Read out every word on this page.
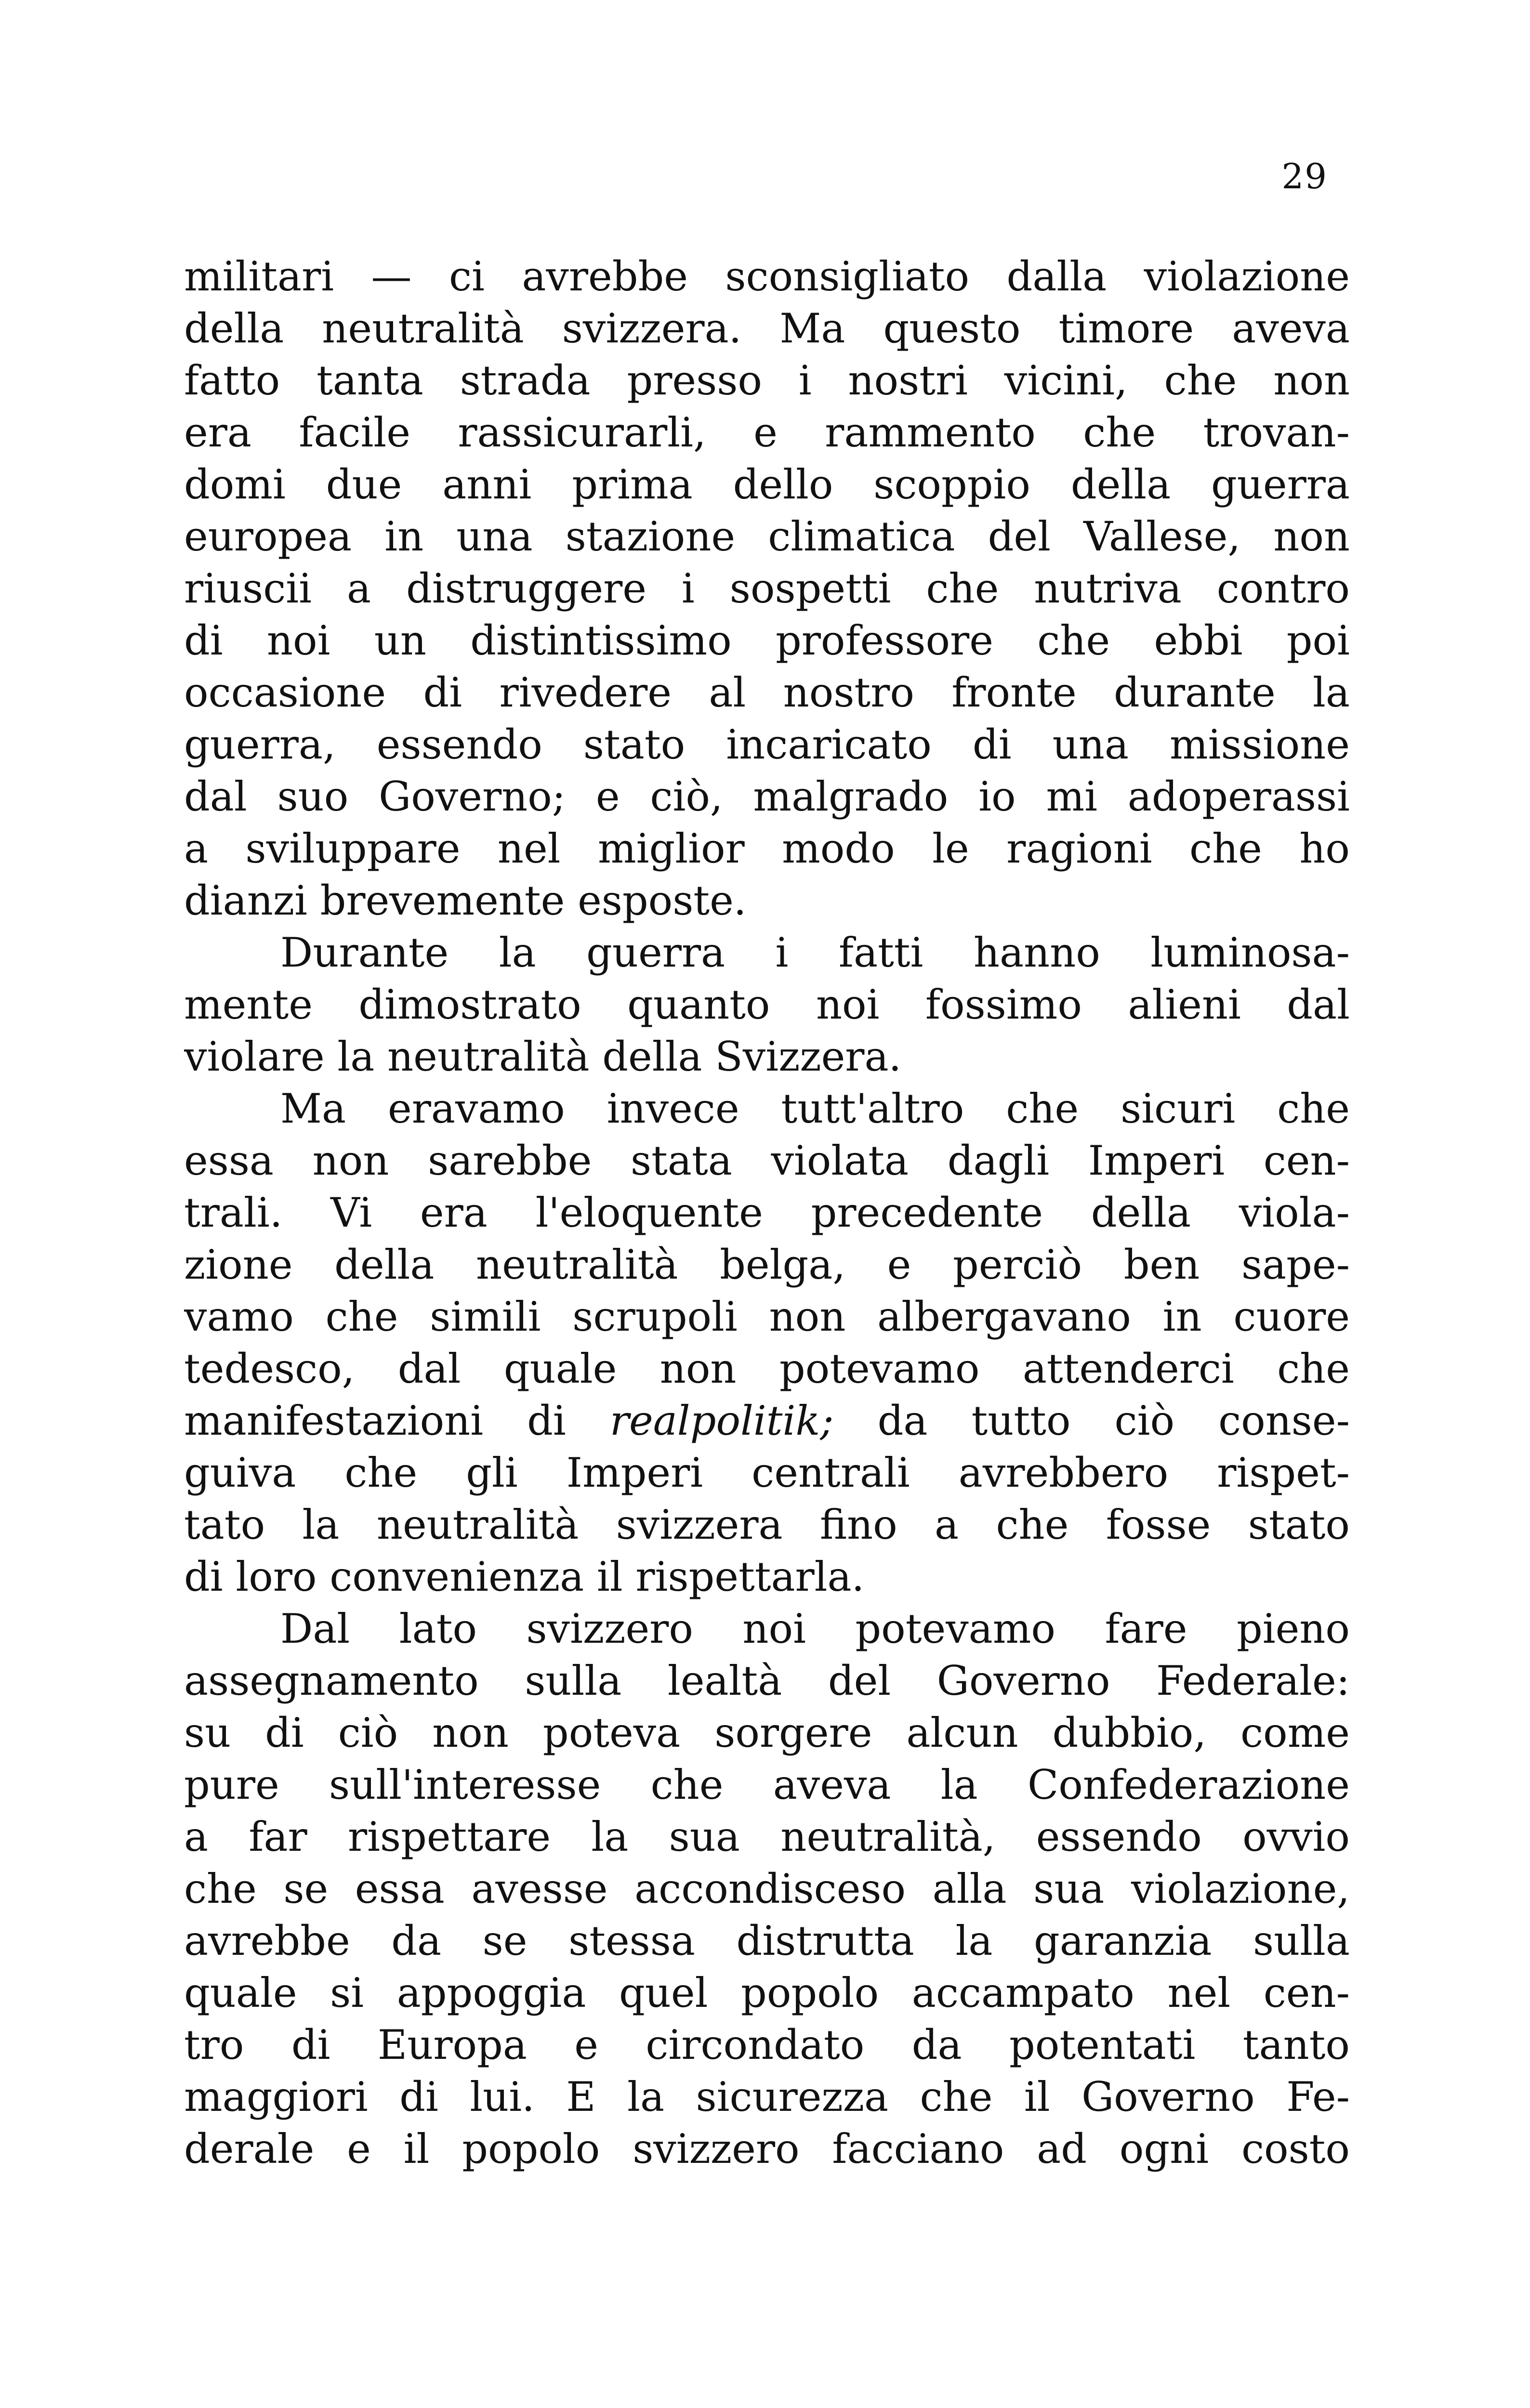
29
militari — ci avrebbe sconsigliato dalla violazione
della neutralità svizzera. Ma questo timore aveva
fatto tanta strada presso i nostri vicini, che non
era facile rassicurarli, e rammento che trovan-
domi due anni prima dello scoppio della guerra
europea in una stazione climatica del Vallese, non
riuscii a distruggere i sospetti che nutriva contro
di noi un distintissimo professore che ebbi poi
occasione di rivedere al nostro fronte durante la
guerra, essendo stato incaricato di una missione
dal suo Governo; e ciò, malgrado io mi adoperassi
a sviluppare nel miglior modo le ragioni che ho
dianzi brevemente esposte.
Durante la guerra i fatti hanno luminosa-
mente dimostrato quanto noi fossimo alieni dal
violare la neutralità della Svizzera.
Ma eravamo invece tutt'altro che sicuri che
essa non sarebbe stata violata dagli Imperi cen-
trali. Vi era l'eloquente precedente della viola-
zione della neutralità belga, e perciò ben sape-
vamo che simili scrupoli non albergavano in cuore
tedesco, dal quale non potevamo attenderci che
manifestazioni di realpolitik; da tutto ciò conse-
guiva che gli Imperi centrali avrebbero rispet-
tato la neutralità svizzera fino a che fosse stato
di loro convenienza il rispettarla.
Dal lato svizzero noi potevamo fare pieno
assegnamento sulla lealtà del Governo Federale:
su di ciò non poteva sorgere alcun dubbio, come
pure sull'interesse che aveva la Confederazione
a far rispettare la sua neutralità, essendo ovvio
che se essa avesse accondisceso alla sua violazione,
avrebbe da se stessa distrutta la garanzia sulla
quale si appoggia quel popolo accampato nel cen-
tro di Europa e circondato da potentati tanto
maggiori di lui. E la sicurezza che il Governo Fe-
derale e il popolo svizzero facciano ad ogni costo
